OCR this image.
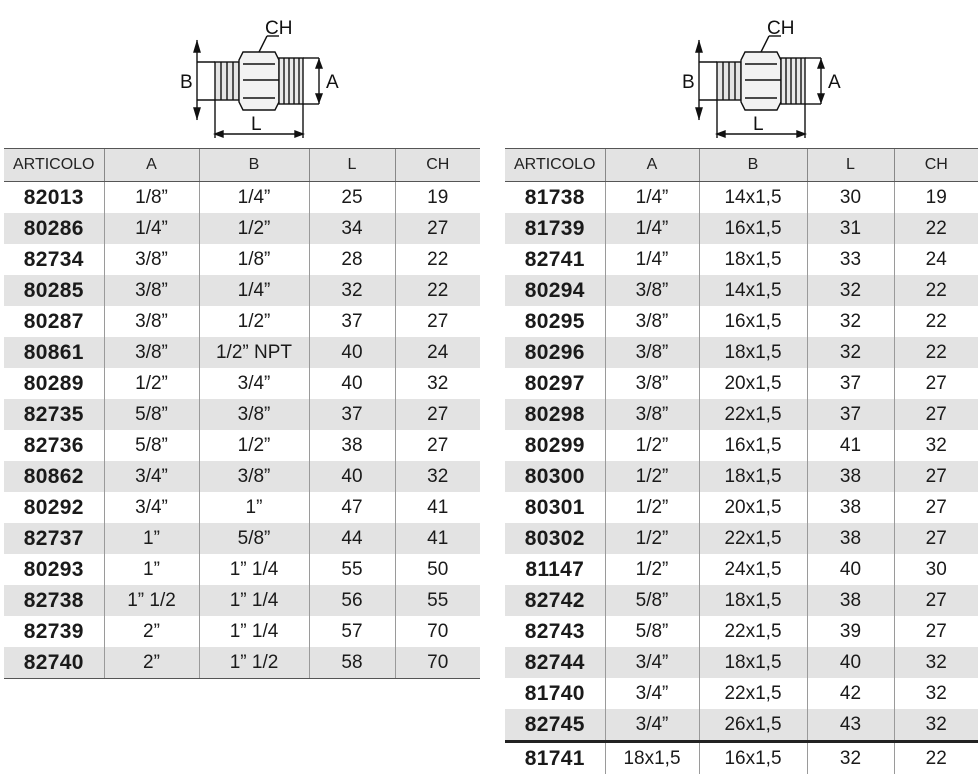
CH
B	A
L
CH
B	A
L
ARTICOLO	A	B	L	CH
82013	1/8”	1/4”	25	19
80286	1/4”	1/2”	34	27
82734	3/8”	1/8”	28	22
80285	3/8”	1/4”	32	22
80287	3/8”	1/2”	37	27
80861	3/8”	1/2” NPT	40	24
80289	1/2”	3/4”	40	32
82735	5/8”	3/8”	37	27
82736	5/8”	1/2”	38	27
80862	3/4”	3/8”	40	32
80292	3/4”	1”	47	41
82737	1”	5/8”	44	41
80293	1”	1” 1/4	55	50
82738	1” 1/2	1” 1/4	56	55
82739	2”	1” 1/4	57	70
82740	2”	1” 1/2	58	70
ARTICOLO	A	B	L	CH
81738	1/4”	14x1,5	30	19
81739	1/4”	16x1,5	31	22
82741	1/4”	18x1,5	33	24
80294	3/8”	14x1,5	32	22
80295	3/8”	16x1,5	32	22
80296	3/8”	18x1,5	32	22
80297	3/8”	20x1,5	37	27
80298	3/8”	22x1,5	37	27
80299	1/2”	16x1,5	41	32
80300	1/2”	18x1,5	38	27
80301	1/2”	20x1,5	38	27
80302	1/2”	22x1,5	38	27
81147	1/2”	24x1,5	40	30
82742	5/8”	18x1,5	38	27
82743	5/8”	22x1,5	39	27
82744	3/4”	18x1,5	40	32
81740	3/4”	22x1,5	42	32
82745	3/4”	26x1,5	43	32
81741	18x1,5	16x1,5	32	22
